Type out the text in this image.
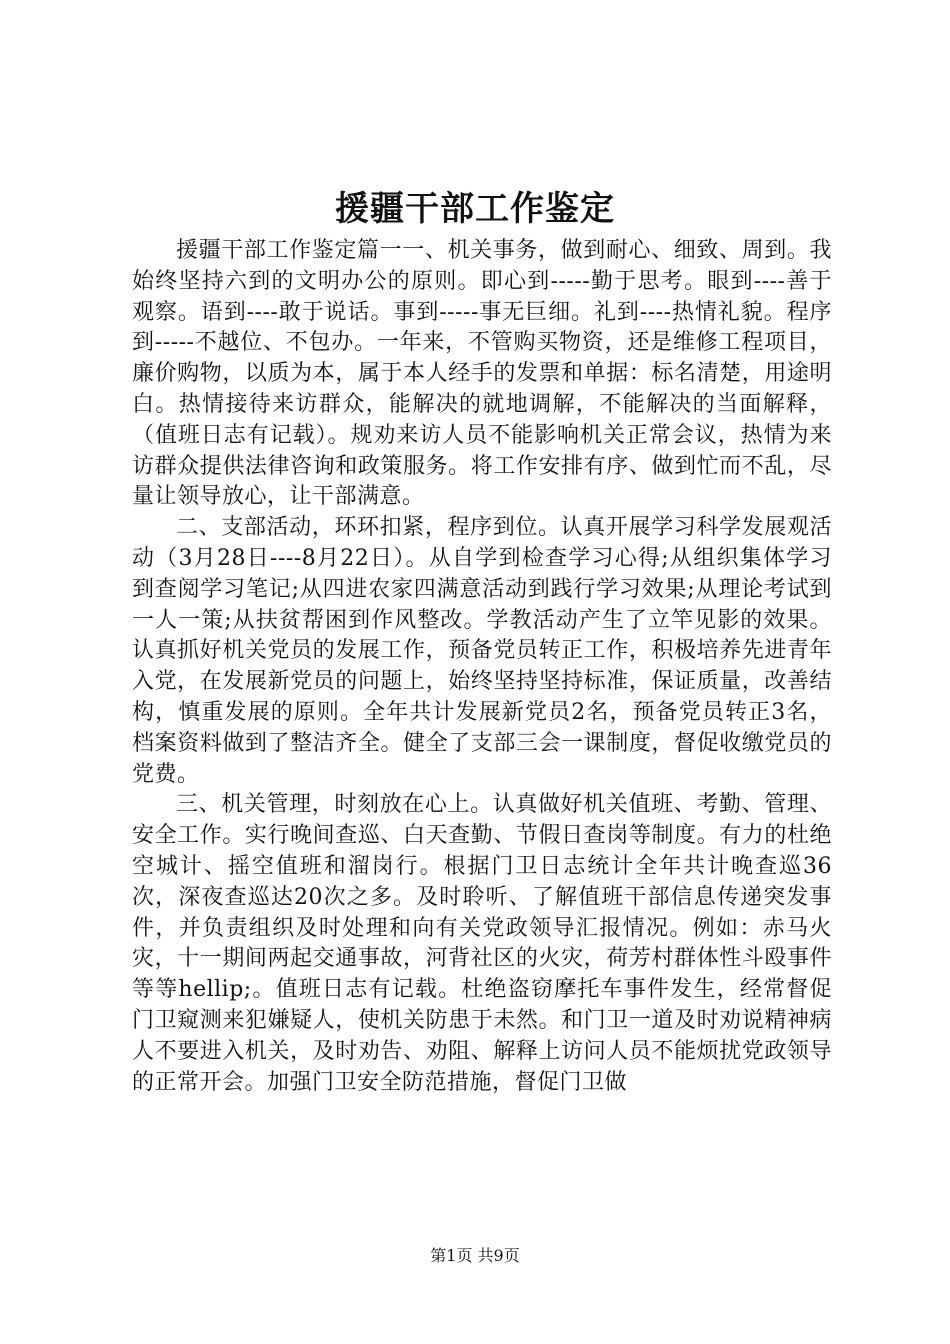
援疆干部工作鉴定

援疆干部工作鉴定篇一一、机关事务，做到耐心、细致、周到。我始终坚持六到的文明办公的原则。即心到-----勤于思考。眼到----善于观察。语到----敢于说话。事到-----事无巨细。礼到----热情礼貌。程序到-----不越位、不包办。一年来，不管购买物资，还是维修工程项目，廉价购物，以质为本，属于本人经手的发票和单据：标名清楚，用途明白。热情接待来访群众，能解决的就地调解，不能解决的当面解释，（值班日志有记载）。规劝来访人员不能影响机关正常会议，热情为来访群众提供法律咨询和政策服务。将工作安排有序、做到忙而不乱，尽量让领导放心，让干部满意。

二、支部活动，环环扣紧，程序到位。认真开展学习科学发展观活动（3月28日----8月22日）。从自学到检查学习心得;从组织集体学习到查阅学习笔记;从四进农家四满意活动到践行学习效果;从理论考试到一人一策;从扶贫帮困到作风整改。学教活动产生了立竿见影的效果。认真抓好机关党员的发展工作，预备党员转正工作，积极培养先进青年入党，在发展新党员的问题上，始终坚持坚持标准，保证质量，改善结构，慎重发展的原则。全年共计发展新党员2名，预备党员转正3名，档案资料做到了整洁齐全。健全了支部三会一课制度，督促收缴党员的党费。

三、机关管理，时刻放在心上。认真做好机关值班、考勤、管理、安全工作。实行晚间查巡、白天查勤、节假日查岗等制度。有力的杜绝空城计、摇空值班和溜岗行。根据门卫日志统计全年共计晚查巡36次，深夜查巡达20次之多。及时聆听、了解值班干部信息传递突发事件，并负责组织及时处理和向有关党政领导汇报情况。例如：赤马火灾，十一期间两起交通事故，河背社区的火灾，荷芳村群体性斗殴事件等等hellip;。值班日志有记载。杜绝盗窃摩托车事件发生，经常督促门卫窥测来犯嫌疑人，使机关防患于未然。和门卫一道及时劝说精神病人不要进入机关，及时劝告、劝阻、解释上访问人员不能烦扰党政领导的正常开会。加强门卫安全防范措施，督促门卫做

第1页 共9页
